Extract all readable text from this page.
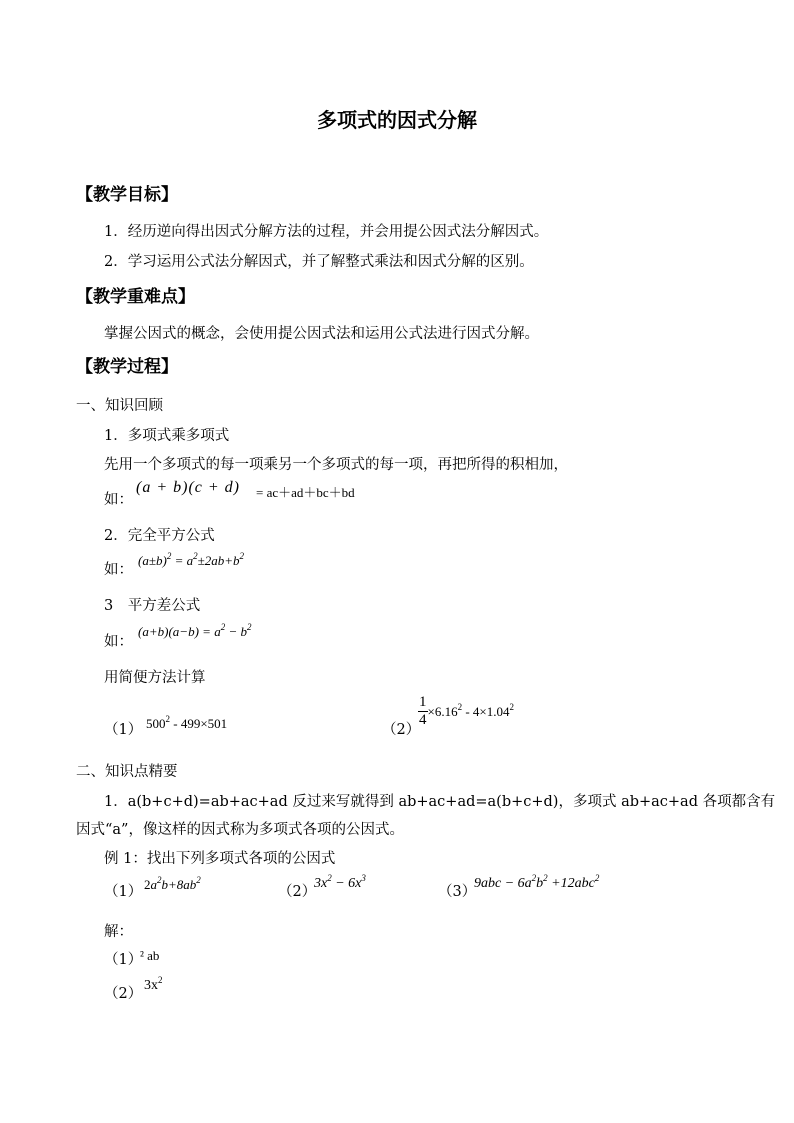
多项式的因式分解
【教学目标】
1．经历逆向得出因式分解方法的过程，并会用提公因式法分解因式。
2．学习运用公式法分解因式，并了解整式乘法和因式分解的区别。
【教学重难点】
掌握公因式的概念，会使用提公因式法和运用公式法进行因式分解。
【教学过程】
一、知识回顾
1．多项式乘多项式
先用一个多项式的每一项乘另一个多项式的每一项，再把所得的积相加，
如：
(a + b)(c + d) = ac＋ad＋bc＋bd
2．完全平方公式
如：
$(a\pm b)^2 = a^2\pm 2ab+b^2$
3　平方差公式
如：
$(a+b)(a-b) = a^2 - b^2$
用简便方法计算
（1） $500^2 - 499\times 501$	（2）
$\frac{1}{4} \times 6.16^2 - 4\times 1.04^2$
二、知识点精要
1．a(b+c+d)=ab+ac+ad 反过来写就得到 ab+ac+ad=a(b+c+d)，多项式 ab+ac+ad 各项都含有
因式“a”，像这样的因式称为多项式各项的公因式。
例 1：找出下列多项式各项的公因式
（1） $2a^2b+8ab^2$
（2）
$3x^2 - 6x^3$
（3）
$9abc - 6a^2b^2 +12abc^2$
解：
（1）
² ab
（2）
$3x^2$
